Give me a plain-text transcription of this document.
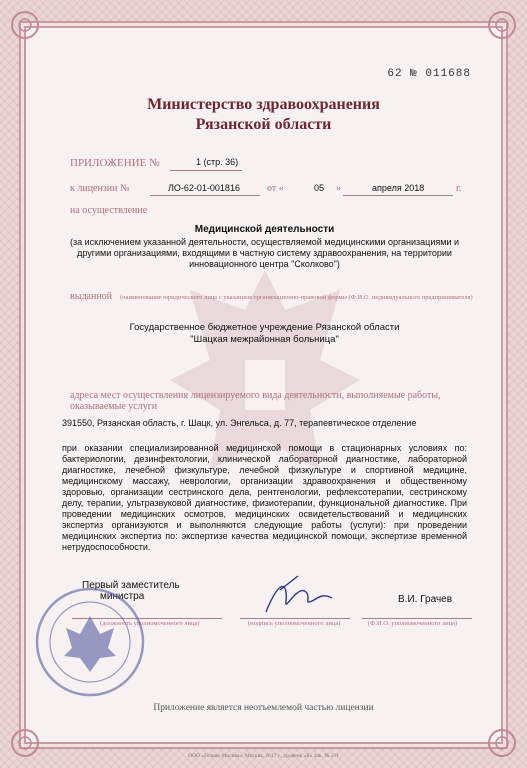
62 № 011688
Министерство здравоохранения
Рязанской области
ПРИЛОЖЕНИЕ №	1 (стр. 36)
к лицензии №	ЛО-62-01-001816	от «	05 »	апреля 2018	г.
на осуществление
Медицинской деятельности
(за исключением указанной деятельности, осуществляемой медицинскими организациями и другими организациями, входящими в частную систему здравоохранения, на территории инновационного центра "Сколково")
выданной (наименование юридического лица с указанием организационно-правовой формы (Ф.И.О. индивидуального предпринимателя)
Государственное бюджетное учреждение Рязанской области
"Шацкая межрайонная больница"
адреса мест осуществления лицензируемого вида деятельности, выполняемые работы, оказываемые услуги
391550, Рязанская область, г. Шацк, ул. Энгельса, д. 77, терапевтическое отделение
при оказании специализированной медицинской помощи в стационарных условиях по: бактериологии, дезинфектологии, клинической лабораторной диагностике, лабораторной диагностике, лечебной физкультуре, лечебной физкультуре и спортивной медицине, медицинскому массажу, неврологии, организации здравоохранения и общественному здоровью, организации сестринского дела, рентгенологии, рефлексотерапии, сестринскому делу, терапии, ультразвуковой диагностике, физиотерапии, функциональной диагностике. При проведении медицинских осмотров, медицинских освидетельствований и медицинских экспертиз организуются и выполняются следующие работы (услуги): при проведении медицинских экспертиз по: экспертизе качества медицинской помощи, экспертизе временной нетрудоспособности.
Первый заместитель
министра	В.И. Грачев
(должность уполномоченного лица)	(подпись уполномоченного лица)	(Ф.И.О. уполномоченного лица)
Приложение является неотъемлемой частью лицензии
ООО «Гознак-Москва», Москва, 2017 г., уровень «Б» Зак. № 211
